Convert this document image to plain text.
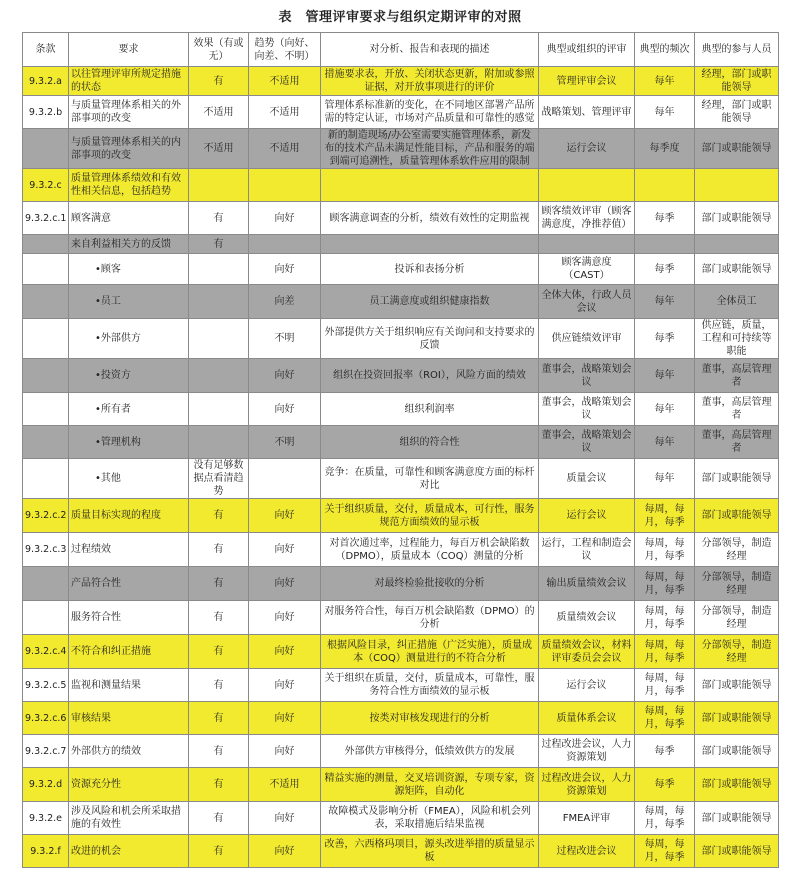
表　管理评审要求与组织定期评审的对照
条款	要求	效果（有或无）	趋势（向好、向差、不明）	对分析、报告和表现的描述	典型或组织的评审	典型的频次	典型的参与人员
9.3.2.a	以往管理评审所规定措施的状态	有	不适用	措施要求表，开放、关闭状态更新，附加或参照证据，对开放事项进行的评价	管理评审会议	每年	经理，部门或职能领导
9.3.2.b	与质量管理体系相关的外部事项的改变	不适用	不适用	管理体系标准新的变化，在不同地区部署产品所需的特定认证，市场对产品质量和可靠性的感觉	战略策划、管理评审	每年	经理，部门或职能领导
	与质量管理体系相关的内部事项的改变	不适用	不适用	新的制造现场/办公室需要实施管理体系，新发布的技术产品未满足性能目标，产品和服务的端到端可追溯性，质量管理体系软件应用的限制	运行会议	每季度	部门或职能领导
9.3.2.c	质量管理体系绩效和有效性相关信息，包括趋势						
9.3.2.c.1	顾客满意	有	向好	顾客满意调查的分析，绩效有效性的定期监视	顾客绩效评审（顾客满意度，净推荐值）	每季	部门或职能领导
	来自利益相关方的反馈	有					
	•顾客		向好	投诉和表扬分析	顾客满意度（CAST）	每季	部门或职能领导
	•员工		向差	员工满意度或组织健康指数	全体大体，行政人员会议	每年	全体员工
	•外部供方		不明	外部提供方关于组织响应有关询问和支持要求的反馈	供应链绩效评审	每季	供应链，质量，工程和可持续等职能
	•投资方		向好	组织在投资回报率（ROI），风险方面的绩效	董事会，战略策划会议	每年	董事，高层管理者
	•所有者		向好	组织利润率	董事会，战略策划会议	每年	董事，高层管理者
	•管理机构		不明	组织的符合性	董事会，战略策划会议	每年	董事，高层管理者
	•其他	没有足够数据点看清趋势		竞争：在质量，可靠性和顾客满意度方面的标杆对比	质量会议	每年	部门或职能领导
9.3.2.c.2	质量目标实现的程度	有	向好	关于组织质量，交付，质量成本，可行性，服务规范方面绩效的显示板	运行会议	每周，每月，每季	部门或职能领导
9.3.2.c.3	过程绩效	有	向好	对首次通过率，过程能力，每百万机会缺陷数（DPMO），质量成本（COQ）测量的分析	运行，工程和制造会议	每周，每月，每季	分部领导，制造经理
	产品符合性	有	向好	对最终检验批接收的分析	输出质量绩效会议	每周，每月，每季	分部领导，制造经理
	服务符合性	有	向好	对服务符合性，每百万机会缺陷数（DPMO）的分析	质量绩效会议	每周，每月，每季	分部领导，制造经理
9.3.2.c.4	不符合和纠正措施	有	向好	根据风险目录，纠正措施（广泛实施），质量成本（COQ）测量进行的不符合分析	质量绩效会议，材料评审委员会会议	每周，每月，每季	分部领导，制造经理
9.3.2.c.5	监视和测量结果	有	向好	关于组织在质量，交付，质量成本，可靠性，服务符合性方面绩效的显示板	运行会议	每周，每月，每季	部门或职能领导
9.3.2.c.6	审核结果	有	向好	按类对审核发现进行的分析	质量体系会议	每周，每月，每季	部门或职能领导
9.3.2.c.7	外部供方的绩效	有	向好	外部供方审核得分，低绩效供方的发展	过程改进会议，人力资源策划	每季	部门或职能领导
9.3.2.d	资源充分性	有	不适用	精益实施的测量，交叉培训资源，专项专家，资源矩阵，自动化	过程改进会议，人力资源策划	每季	部门或职能领导
9.3.2.e	涉及风险和机会所采取措施的有效性	有	向好	故障模式及影响分析（FMEA），风险和机会列表，采取措施后结果监视	FMEA评审	每周，每月，每季	部门或职能领导
9.3.2.f	改进的机会	有	向好	改善，六西格玛项目，源头改进举措的质量显示板	过程改进会议	每周，每月，每季	部门或职能领导
